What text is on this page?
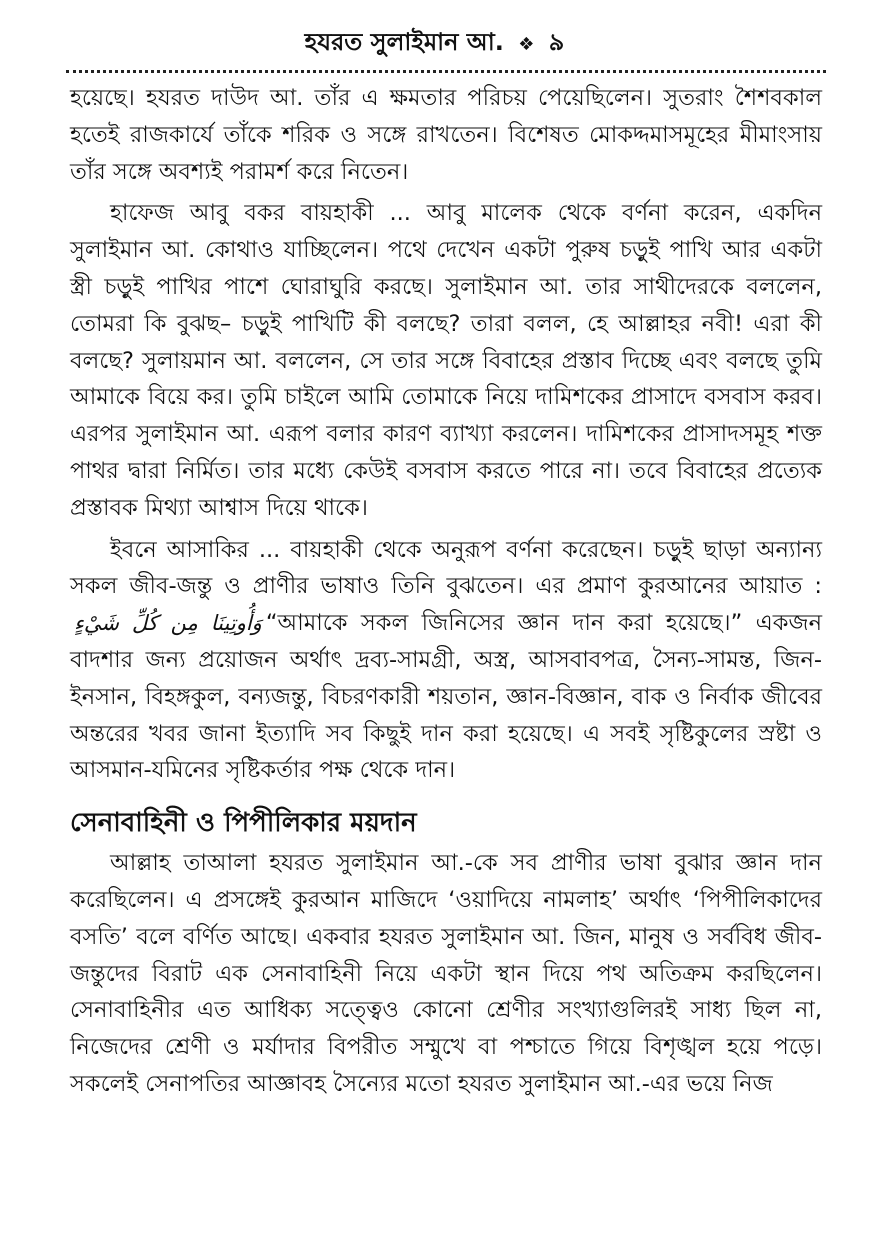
হযরত সুলাইমান আ. ❖ ৯

হয়েছে। হযরত দাউদ আ. তাঁর এ ক্ষমতার পরিচয় পেয়েছিলেন। সুতরাং শৈশবকাল হতেই রাজকার্যে তাঁকে শরিক ও সঙ্গে রাখতেন। বিশেষত মোকদ্দমাসমূহের মীমাংসায় তাঁর সঙ্গে অবশ্যই পরামর্শ করে নিতেন।

হাফেজ আবু বকর বায়হাকী ... আবু মালেক থেকে বর্ণনা করেন, একদিন সুলাইমান আ. কোথাও যাচ্ছিলেন। পথে দেখেন একটা পুরুষ চড়ুই পাখি আর একটা স্ত্রী চড়ুই পাখির পাশে ঘোরাঘুরি করছে। সুলাইমান আ. তার সাথীদেরকে বললেন, তোমরা কি বুঝছ– চড়ুই পাখিটি কী বলছে? তারা বলল, হে আল্লাহর নবী! এরা কী বলছে? সুলায়মান আ. বললেন, সে তার সঙ্গে বিবাহের প্রস্তাব দিচ্ছে এবং বলছে তুমি আমাকে বিয়ে কর। তুমি চাইলে আমি তোমাকে নিয়ে দামিশকের প্রাসাদে বসবাস করব। এরপর সুলাইমান আ. এরূপ বলার কারণ ব্যাখ্যা করলেন। দামিশকের প্রাসাদসমূহ শক্ত পাথর দ্বারা নির্মিত। তার মধ্যে কেউই বসবাস করতে পারে না। তবে বিবাহের প্রত্যেক প্রস্তাবক মিথ্যা আশ্বাস দিয়ে থাকে।

ইবনে আসাকির ... বায়হাকী থেকে অনুরূপ বর্ণনা করেছেন। চড়ুই ছাড়া অন্যান্য সকল জীব-জন্তু ও প্রাণীর ভাষাও তিনি বুঝতেন। এর প্রমাণ কুরআনের আয়াত : وَأُوتِينَا مِن كُلِّ شَيْءٍ “আমাকে সকল জিনিসের জ্ঞান দান করা হয়েছে।” একজন বাদশার জন্য প্রয়োজন অর্থাৎ দ্রব্য-সামগ্রী, অস্ত্র, আসবাবপত্র, সৈন্য-সামন্ত, জিন-ইনসান, বিহঙ্গকুল, বন্যজন্তু, বিচরণকারী শয়তান, জ্ঞান-বিজ্ঞান, বাক ও নির্বাক জীবের অন্তরের খবর জানা ইত্যাদি সব কিছুই দান করা হয়েছে। এ সবই সৃষ্টিকুলের স্রষ্টা ও আসমান-যমিনের সৃষ্টিকর্তার পক্ষ থেকে দান।

সেনাবাহিনী ও পিপীলিকার ময়দান

আল্লাহ তাআলা হযরত সুলাইমান আ.-কে সব প্রাণীর ভাষা বুঝার জ্ঞান দান করেছিলেন। এ প্রসঙ্গেই কুরআন মাজিদে ‘ওয়াদিয়ে নামলাহ’ অর্থাৎ ‘পিপীলিকাদের বসতি’ বলে বর্ণিত আছে। একবার হযরত সুলাইমান আ. জিন, মানুষ ও সর্ববিধ জীব-জন্তুদের বিরাট এক সেনাবাহিনী নিয়ে একটা স্থান দিয়ে পথ অতিক্রম করছিলেন। সেনাবাহিনীর এত আধিক্য সত্ত্বেও কোনো শ্রেণীর সংখ্যাগুলিরই সাধ্য ছিল না, নিজেদের শ্রেণী ও মর্যাদার বিপরীত সম্মুখে বা পশ্চাতে গিয়ে বিশৃঙ্খল হয়ে পড়ে। সকলেই সেনাপতির আজ্ঞাবহ সৈন্যের মতো হযরত সুলাইমান আ.-এর ভয়ে নিজ
